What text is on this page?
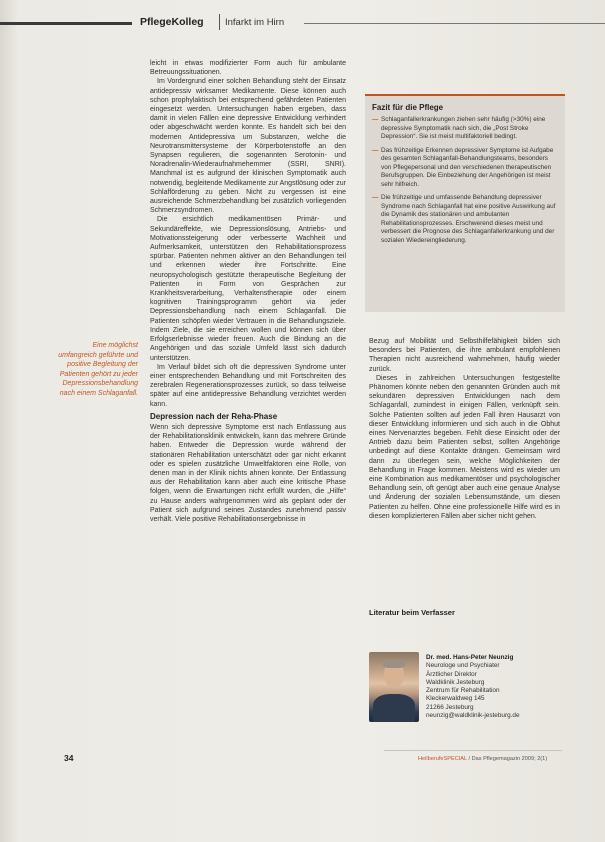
PflegeKolleg Infarkt im Hirn

leicht in etwas modifizierter Form auch für ambulante Betreuungssituationen.

Im Vordergrund einer solchen Behandlung steht der Einsatz antidepressiv wirksamer Medikamente. Diese können auch schon prophylaktisch bei entsprechend gefährdeten Patienten eingesetzt werden. Untersuchungen haben ergeben, dass damit in vielen Fällen eine depressive Entwicklung verhindert oder abgeschwächt werden konnte. Es handelt sich bei den modernen Antidepressiva um Substanzen, welche die Neurotransmittersysteme der Körperbotenstoffe an den Synapsen regulieren, die sogenannten Serotonin- und Noradrenalin-Wiederaufnahmehemmer (SSRI, SNRI). Manchmal ist es aufgrund der klinischen Symptomatik auch notwendig, begleitende Medikamente zur Angstlösung oder zur Schlafförderung zu geben. Nicht zu vergessen ist eine ausreichende Schmerzbehandlung bei zusätzlich vorliegenden Schmerzsyndromen.

Die ersichtlich medikamentösen Primär- und Sekundäreffekte, wie Depressionslösung, Antriebs- und Motivationssteigerung oder verbesserte Wachheit und Aufmerksamkeit, unterstützen den Rehabilitationsprozess spürbar. Patienten nehmen aktiver an den Behandlungen teil und erkennen wieder ihre Fortschritte. Eine neuropsychologisch gestützte therapeutische Begleitung der Patienten in Form von Gesprächen zur Krankheitsverarbeitung, Verhaltenstherapie oder einem kognitiven Trainingsprogramm gehört via jeder Depressionsbehandlung nach einem Schlaganfall. Die Patienten schöpfen wieder Vertrauen in die Behandlungsziele. Indem Ziele, die sie erreichen wollen und können sich über Erfolgserlebnisse wieder freuen. Auch die Bindung an die Angehörigen und das soziale Umfeld lässt sich dadurch unterstützen.

Im Verlauf bildet sich oft die depressiven Syndrome unter einer entsprechenden Behandlung und mit Fortschreiten des zerebralen Regenerationsprozesses zurück, so dass teilweise später auf eine antidepressive Behandlung verzichtet werden kann.

Depression nach der Reha-Phase

Wenn sich depressive Symptome erst nach Entlassung aus der Rehabilitationsklinik entwickeln, kann das mehrere Gründe haben. Entweder die Depression wurde während der stationären Rehabilitation unterschätzt oder gar nicht erkannt oder es spielen zusätzliche Umweltfaktoren eine Rolle, von denen man in der Klinik nichts ahnen konnte. Der Entlassung aus der Rehabilitation kann aber auch eine kritische Phase folgen, wenn die Erwartungen nicht erfüllt wurden, die „Hilfe“ zu Hause anders wahrgenommen wird als geplant oder der Patient sich aufgrund seines Zustandes zunehmend passiv verhält. Viele positive Rehabilitationsergebnisse in

Eine möglichst umfangreich geführte und positive Begleitung der Patienten gehört zu jeder Depressionsbehandlung nach einem Schlaganfall.
Fazit für die Pflege
— Schlaganfallerkrankungen ziehen sehr häufig (>30%) eine depressive Symptomatik nach sich, die „Post Stroke Depression“. Sie ist meist multifaktoriell bedingt.
— Das frühzeitige Erkennen depressiver Symptome ist Aufgabe des gesamten Schlaganfall-Behandlungsteams, besonders von Pflegepersonal und den verschiedenen therapeutischen Berufsgruppen. Die Einbeziehung der Angehörigen ist meist sehr hilfreich.
— Die frühzeitige und umfassende Behandlung depressiver Syndrome nach Schlaganfall hat eine positive Auswirkung auf die Dynamik des stationären und ambulanten Rehabilitationsprozesses. Erschwerend dieses meist und verbessert die Prognose des Schlaganfallerkrankung und der sozialen Wiedereingliederung.

Bezug auf Mobilität und Selbsthilfefähigkeit bilden sich besonders bei Patienten, die ihre ambulant empfohlenen Therapien nicht ausreichend wahrnehmen, häufig wieder zurück.

Dieses in zahlreichen Untersuchungen festgestellte Phänomen könnte neben den genannten Gründen auch mit sekundären depressiven Entwicklungen nach dem Schlaganfall, zumindest in einigen Fällen, verknüpft sein. Solche Patienten sollten auf jeden Fall ihren Hausarzt von dieser Entwicklung informieren und sich auch in die Obhut eines Nervenarztes begeben. Fehlt diese Einsicht oder der Antrieb dazu beim Patienten selbst, sollten Angehörige unbedingt auf diese Kontakte drängen. Gemeinsam wird dann zu überlegen sein, welche Möglichkeiten der Behandlung in Frage kommen. Meistens wird es wieder um eine Kombination aus medikamentöser und psychologischer Behandlung sein, oft genügt aber auch eine genaue Analyse und Änderung der sozialen Lebensumstände, um diesen Patienten zu helfen. Ohne eine professionelle Hilfe wird es in diesen komplizierteren Fällen aber sicher nicht gehen.

Literatur beim Verfasser
Dr. med. Hans-Peter Neunzig
Neurologe und Psychiater
Ärztlicher Direktor
Waldklinik Jesteburg
Zentrum für Rehabilitation
Kleckerwaldweg 145
21266 Jesteburg
neunzig@waldklinik-jesteburg.de
34	HeilberufeSPECIAL / Das Pflegemagazin 2009; 2(1)
